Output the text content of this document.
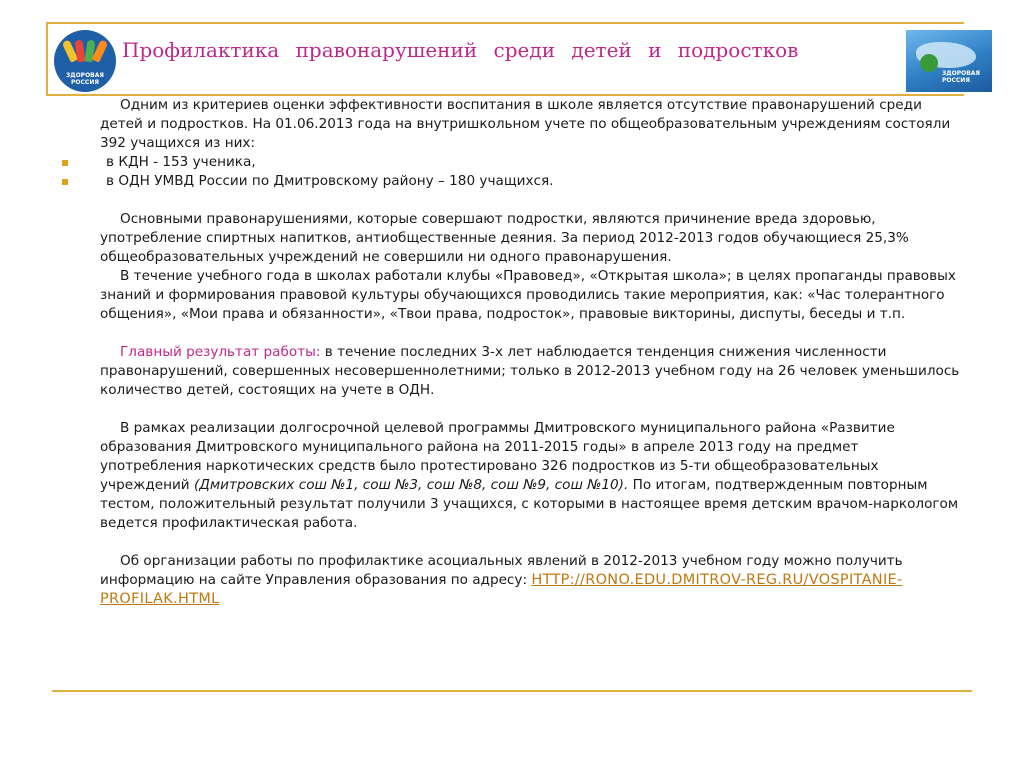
ЗДОРОВАЯ РОССИЯ
Профилактика правонарушений среди детей и подростков
ЗДОРОВАЯ РОССИЯ

Одним из критериев оценки эффективности воспитания в школе является отсутствие правонарушений среди детей и подростков. На 01.06.2013 года на внутришкольном учете по общеобразовательным учреждениям состояли 392 учащихся из них:

в КДН - 153 ученика,

в ОДН УМВД России по Дмитровскому району – 180 учащихся.

Основными правонарушениями, которые совершают подростки, являются причинение вреда здоровью, употребление спиртных напитков, антиобщественные деяния. За период 2012-2013 годов обучающиеся 25,3% общеобразовательных учреждений не совершили ни одного правонарушения.

В течение учебного года в школах работали клубы «Правовед», «Открытая школа»; в целях пропаганды правовых знаний и формирования правовой культуры обучающихся проводились такие мероприятия, как: «Час толерантного общения», «Мои права и обязанности», «Твои права, подросток», правовые викторины, диспуты, беседы и т.п.

Главный результат работы: в течение последних 3-х лет наблюдается тенденция снижения численности правонарушений, совершенных несовершеннолетними; только в 2012-2013 учебном году на 26 человек уменьшилось количество детей, состоящих на учете в ОДН.

В рамках реализации долгосрочной целевой программы Дмитровского муниципального района «Развитие образования Дмитровского муниципального района на 2011-2015 годы» в апреле 2013 году на предмет употребления наркотических средств было протестировано 326 подростков из 5-ти общеобразовательных учреждений (Дмитровских сош №1, сош №3, сош №8, сош №9, сош №10). По итогам, подтвержденным повторным тестом, положительный результат получили 3 учащихся, с которыми в настоящее время детским врачом-наркологом ведется профилактическая работа.

Об организации работы по профилактике асоциальных явлений в 2012-2013 учебном году можно получить информацию на сайте Управления образования по адресу: HTTP://RONO.EDU.DMITROV-REG.RU/VOSPITANIE-PROFILAK.HTML
